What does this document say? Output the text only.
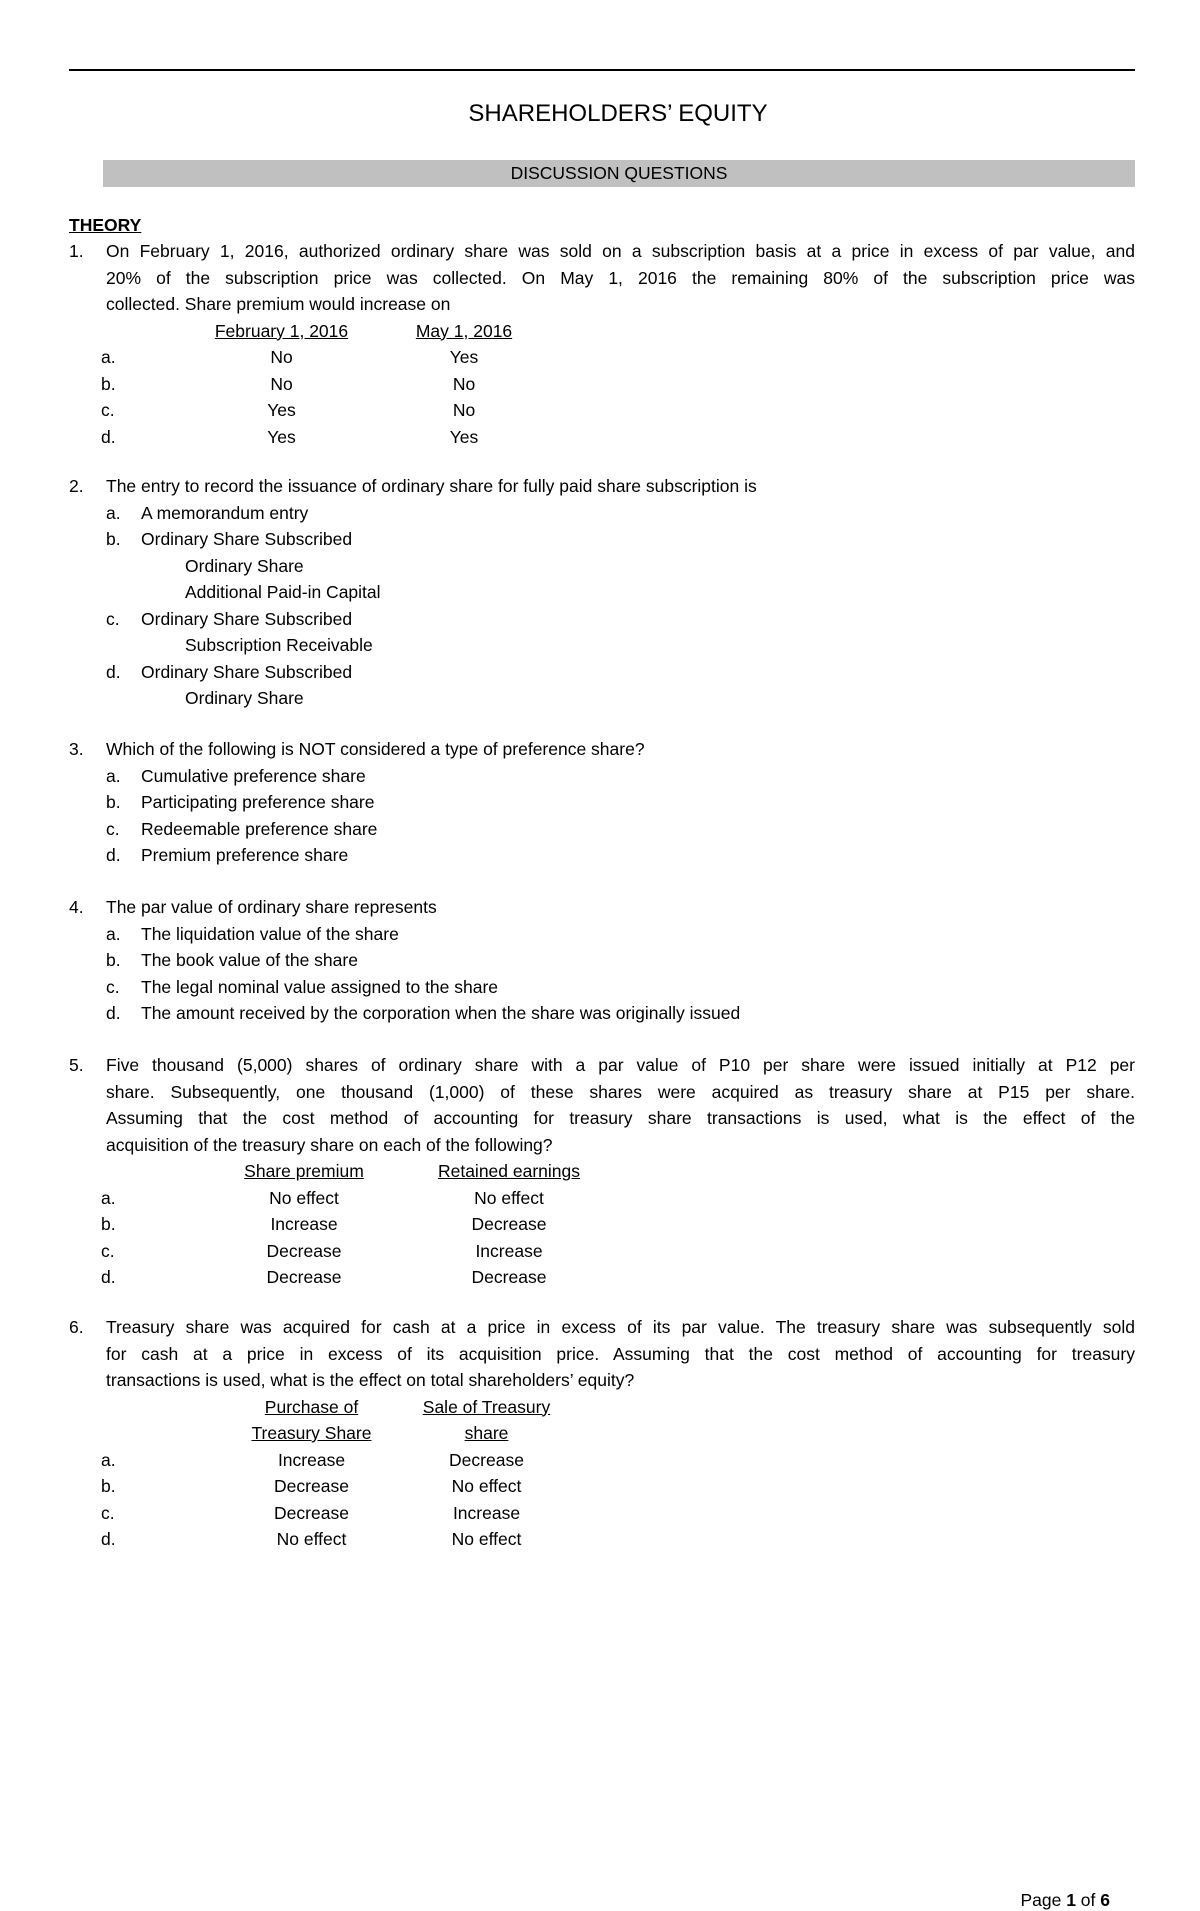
SHAREHOLDERS’ EQUITY
DISCUSSION QUESTIONS
THEORY
1. On February 1, 2016, authorized ordinary share was sold on a subscription basis at a price in excess of par value, and
20% of the subscription price was collected. On May 1, 2016 the remaining 80% of the subscription price was
collected. Share premium would increase on
February 1, 2016	May 1, 2016
a.	No	Yes
b.	No	No
c.	Yes	No
d.	Yes	Yes
2. The entry to record the issuance of ordinary share for fully paid share subscription is
a. A memorandum entry
b. Ordinary Share Subscribed
Ordinary Share
Additional Paid-in Capital
c. Ordinary Share Subscribed
Subscription Receivable
d. Ordinary Share Subscribed
Ordinary Share
3. Which of the following is NOT considered a type of preference share?
a. Cumulative preference share
b. Participating preference share
c. Redeemable preference share
d. Premium preference share
4. The par value of ordinary share represents
a. The liquidation value of the share
b. The book value of the share
c. The legal nominal value assigned to the share
d. The amount received by the corporation when the share was originally issued
5. Five thousand (5,000) shares of ordinary share with a par value of P10 per share were issued initially at P12 per
share. Subsequently, one thousand (1,000) of these shares were acquired as treasury share at P15 per share.
Assuming that the cost method of accounting for treasury share transactions is used, what is the effect of the
acquisition of the treasury share on each of the following?
Share premium	Retained earnings
a.	No effect	No effect
b.	Increase	Decrease
c.	Decrease	Increase
d.	Decrease	Decrease
6. Treasury share was acquired for cash at a price in excess of its par value. The treasury share was subsequently sold
for cash at a price in excess of its acquisition price. Assuming that the cost method of accounting for treasury
transactions is used, what is the effect on total shareholders’ equity?
Purchase of	Sale of Treasury
Treasury Share	share
a.	Increase	Decrease
b.	Decrease	No effect
c.	Decrease	Increase
d.	No effect	No effect
Page 1 of 6
